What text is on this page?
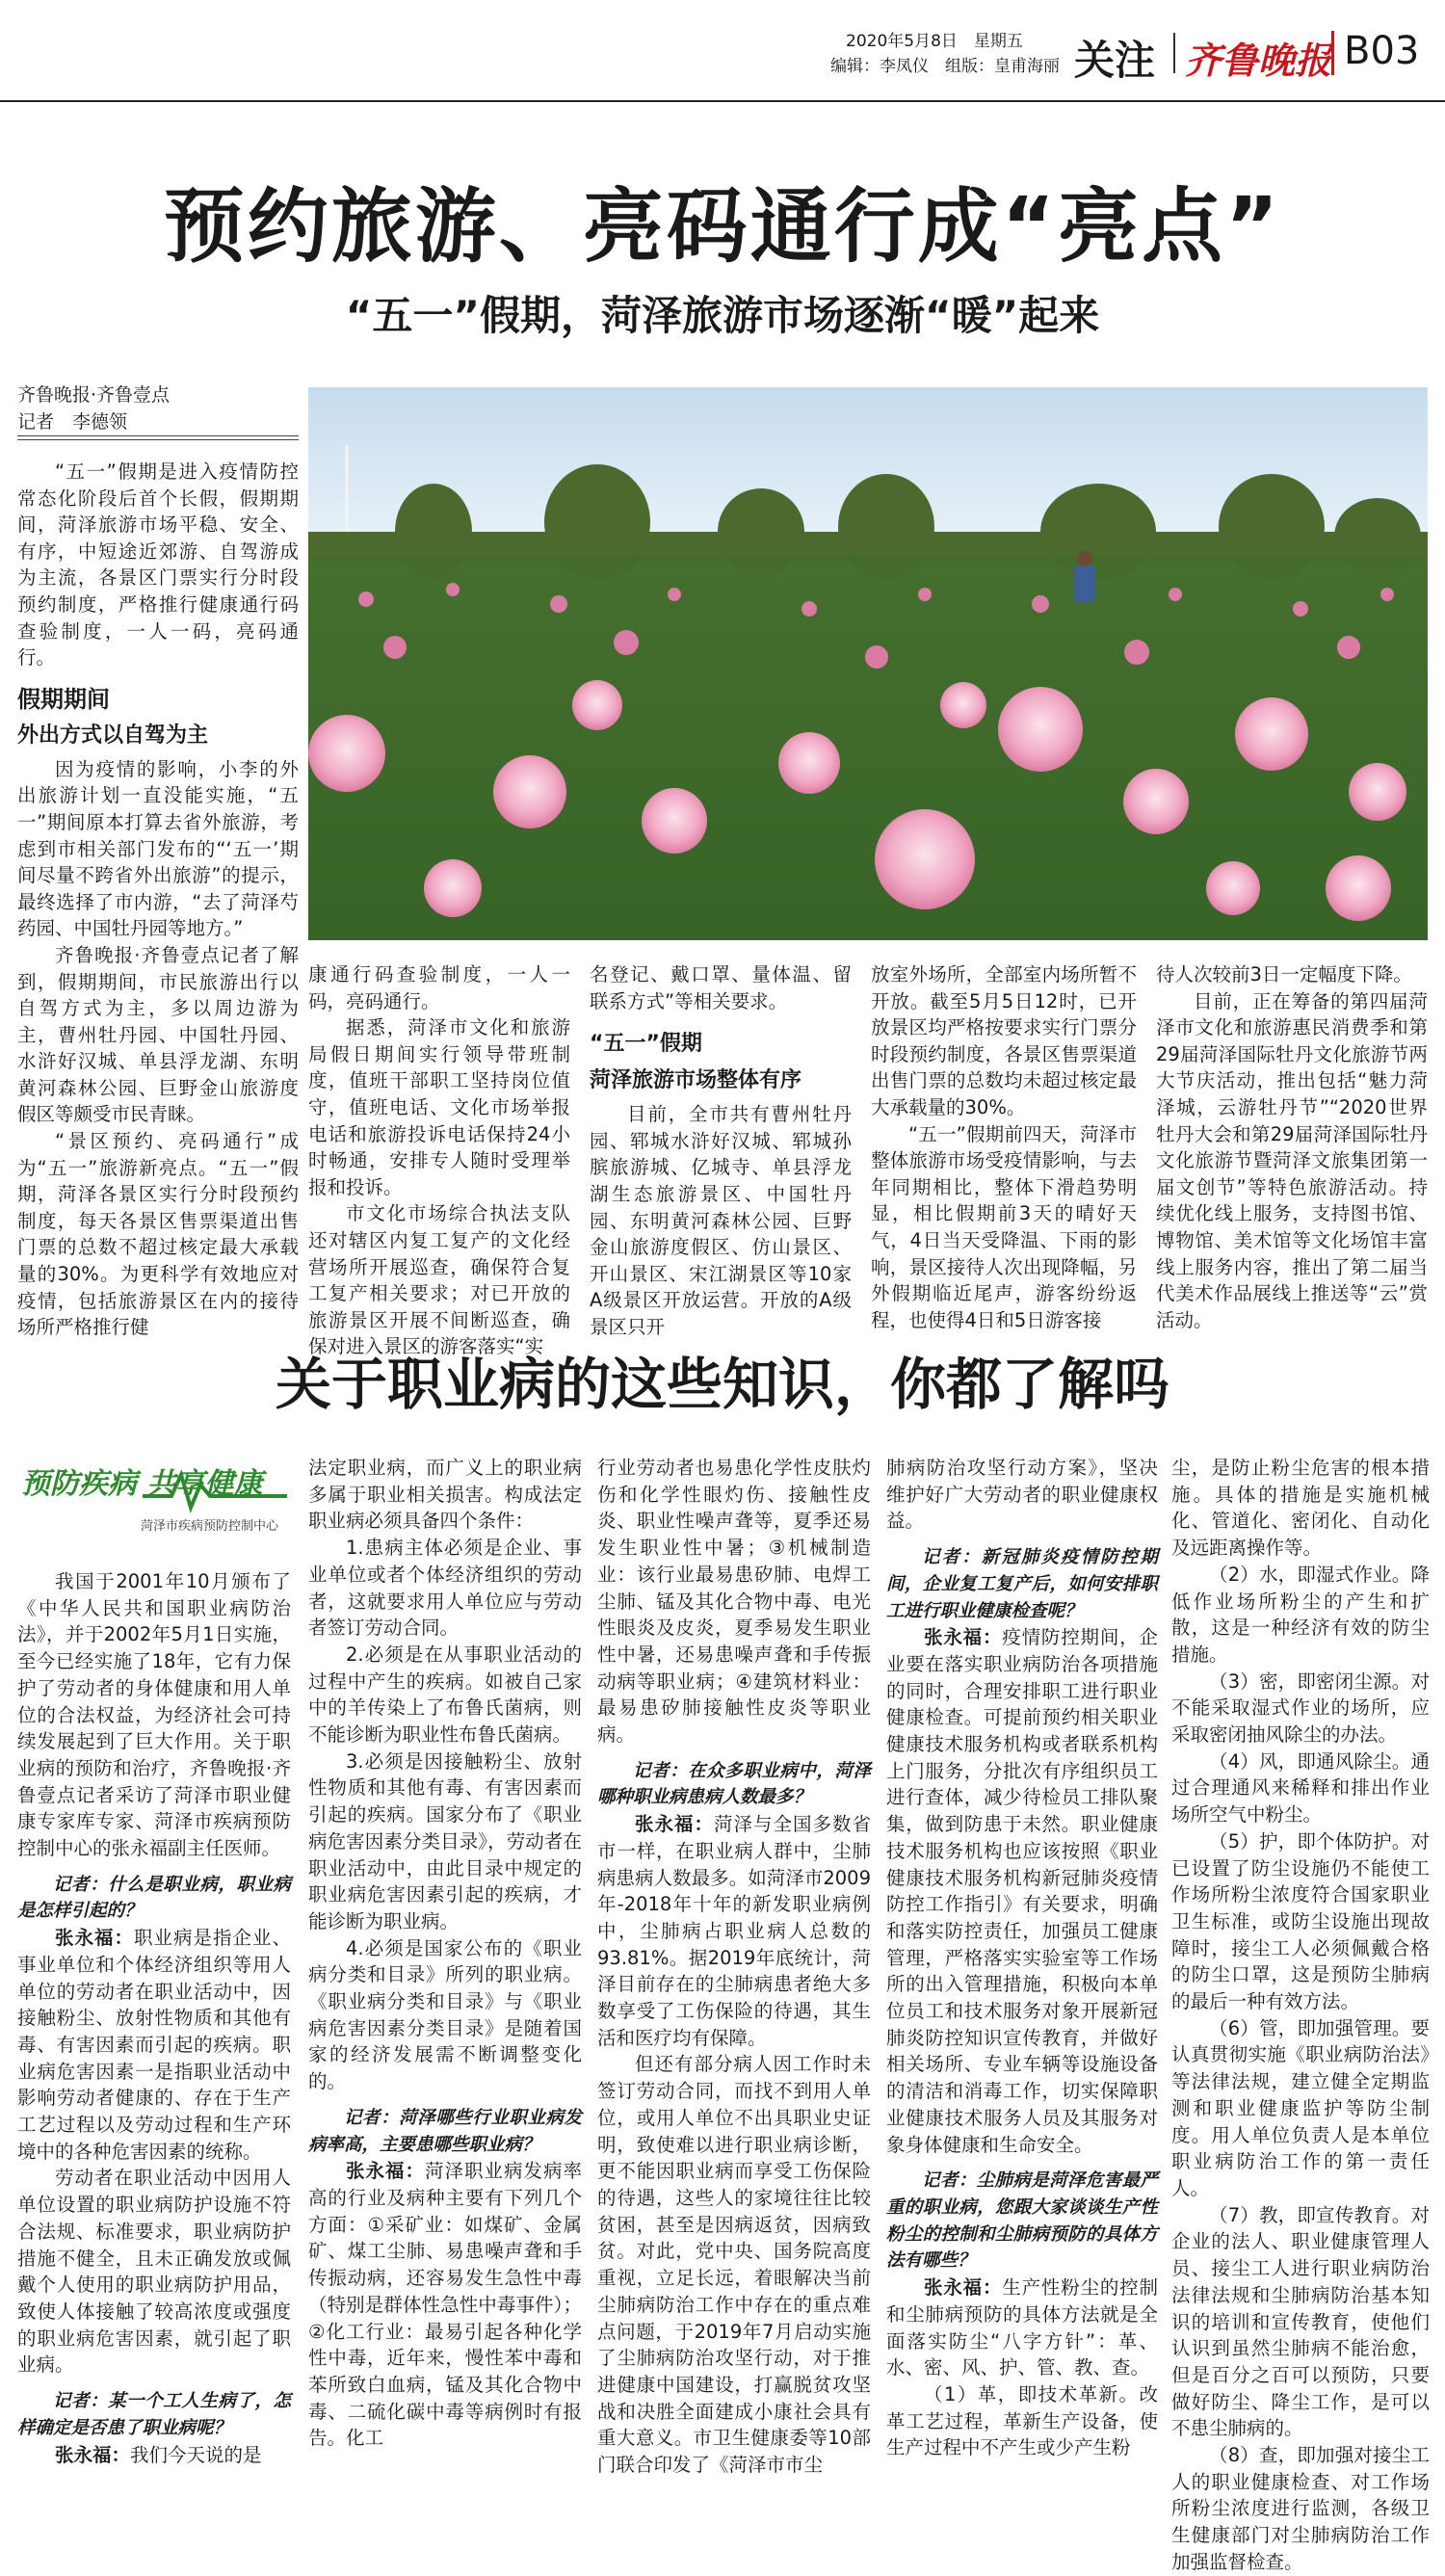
2020年5月8日　星期五
编辑：李凤仪　组版：皇甫海丽 关注 齐鲁晚报 B03
预约旅游、亮码通行成“亮点”
“五一”假期，菏泽旅游市场逐渐“暖”起来
齐鲁晚报·齐鲁壹点
记者　李德领

“五一”假期是进入疫情防控常态化阶段后首个长假，假期期间，菏泽旅游市场平稳、安全、有序，中短途近郊游、自驾游成为主流，各景区门票实行分时段预约制度，严格推行健康通行码查验制度，一人一码，亮码通行。

假期期间
外出方式以自驾为主

因为疫情的影响，小李的外出旅游计划一直没能实施，“五一”期间原本打算去省外旅游，考虑到市相关部门发布的“‘五一’期间尽量不跨省外出旅游”的提示，最终选择了市内游，“去了菏泽芍药园、中国牡丹园等地方。”

齐鲁晚报·齐鲁壹点记者了解到，假期期间，市民旅游出行以自驾方式为主，多以周边游为主，曹州牡丹园、中国牡丹园、水浒好汉城、单县浮龙湖、东明黄河森林公园、巨野金山旅游度假区等颇受市民青睐。

“景区预约、亮码通行”成为“五一”旅游新亮点。“五一”假期，菏泽各景区实行分时段预约制度，每天各景区售票渠道出售门票的总数不超过核定最大承载量的30%。为更科学有效地应对疫情，包括旅游景区在内的接待场所严格推行健

康通行码查验制度，一人一码，亮码通行。

据悉，菏泽市文化和旅游局假日期间实行领导带班制度，值班干部职工坚持岗位值守，值班电话、文化市场举报电话和旅游投诉电话保持24小时畅通，安排专人随时受理举报和投诉。

市文化市场综合执法支队还对辖区内复工复产的文化经营场所开展巡查，确保符合复工复产相关要求；对已开放的旅游景区开展不间断巡查，确保对进入景区的游客落实“实

名登记、戴口罩、量体温、留联系方式”等相关要求。

“五一”假期
菏泽旅游市场整体有序

目前，全市共有曹州牡丹园、郓城水浒好汉城、郓城孙膑旅游城、亿城寺、单县浮龙湖生态旅游景区、中国牡丹园、东明黄河森林公园、巨野金山旅游度假区、仿山景区、开山景区、宋江湖景区等10家A级景区开放运营。开放的A级景区只开

放室外场所，全部室内场所暂不开放。截至5月5日12时，已开放景区均严格按要求实行门票分时段预约制度，各景区售票渠道出售门票的总数均未超过核定最大承载量的30%。

“五一”假期前四天，菏泽市整体旅游市场受疫情影响，与去年同期相比，整体下滑趋势明显，相比假期前3天的晴好天气，4日当天受降温、下雨的影响，景区接待人次出现降幅，另外假期临近尾声，游客纷纷返程，也使得4日和5日游客接

待人次较前3日一定幅度下降。

目前，正在筹备的第四届菏泽市文化和旅游惠民消费季和第29届菏泽国际牡丹文化旅游节两大节庆活动，推出包括“魅力菏泽城，云游牡丹节”“2020世界牡丹大会和第29届菏泽国际牡丹文化旅游节暨菏泽文旅集团第一届文创节”等特色旅游活动。持续优化线上服务，支持图书馆、博物馆、美术馆等文化场馆丰富线上服务内容，推出了第二届当代美术作品展线上推送等“云”赏活动。

关于职业病的这些知识，你都了解吗
预防疾病 共享健康
菏泽市疾病预防控制中心

我国于2001年10月颁布了《中华人民共和国职业病防治法》，并于2002年5月1日实施，至今已经实施了18年，它有力保护了劳动者的身体健康和用人单位的合法权益，为经济社会可持续发展起到了巨大作用。关于职业病的预防和治疗，齐鲁晚报·齐鲁壹点记者采访了菏泽市职业健康专家库专家、菏泽市疾病预防控制中心的张永福副主任医师。

记者：什么是职业病，职业病是怎样引起的？

张永福：职业病是指企业、事业单位和个体经济组织等用人单位的劳动者在职业活动中，因接触粉尘、放射性物质和其他有毒、有害因素而引起的疾病。职业病危害因素一是指职业活动中影响劳动者健康的、存在于生产工艺过程以及劳动过程和生产环境中的各种危害因素的统称。

劳动者在职业活动中因用人单位设置的职业病防护设施不符合法规、标准要求，职业病防护措施不健全，且未正确发放或佩戴个人使用的职业病防护用品，致使人体接触了较高浓度或强度的职业病危害因素，就引起了职业病。

记者：某一个工人生病了，怎样确定是否患了职业病呢？

张永福：我们今天说的是

法定职业病，而广义上的职业病多属于职业相关损害。构成法定职业病必须具备四个条件：

1.患病主体必须是企业、事业单位或者个体经济组织的劳动者，这就要求用人单位应与劳动者签订劳动合同。

2.必须是在从事职业活动的过程中产生的疾病。如被自己家中的羊传染上了布鲁氏菌病，则不能诊断为职业性布鲁氏菌病。

3.必须是因接触粉尘、放射性物质和其他有毒、有害因素而引起的疾病。国家分布了《职业病危害因素分类目录》，劳动者在职业活动中，由此目录中规定的职业病危害因素引起的疾病，才能诊断为职业病。

4.必须是国家公布的《职业病分类和目录》所列的职业病。《职业病分类和目录》与《职业病危害因素分类目录》是随着国家的经济发展需不断调整变化的。

记者：菏泽哪些行业职业病发病率高，主要患哪些职业病？

张永福：菏泽职业病发病率高的行业及病种主要有下列几个方面：①采矿业：如煤矿、金属矿、煤工尘肺、易患噪声聋和手传振动病，还容易发生急性中毒（特别是群体性急性中毒事件）；②化工行业：最易引起各种化学性中毒，近年来，慢性苯中毒和苯所致白血病，锰及其化合物中毒、二硫化碳中毒等病例时有报告。化工

行业劳动者也易患化学性皮肤灼伤和化学性眼灼伤、接触性皮炎、职业性噪声聋等，夏季还易发生职业性中暑；③机械制造业：该行业最易患矽肺、电焊工尘肺、锰及其化合物中毒、电光性眼炎及皮炎，夏季易发生职业性中暑，还易患噪声聋和手传振动病等职业病；④建筑材料业：最易患矽肺接触性皮炎等职业病。

记者：在众多职业病中，菏泽哪种职业病患病人数最多？

张永福：菏泽与全国多数省市一样，在职业病人群中，尘肺病患病人数最多。如菏泽市2009年-2018年十年的新发职业病例中，尘肺病占职业病人总数的93.81%。据2019年底统计，菏泽目前存在的尘肺病患者绝大多数享受了工伤保险的待遇，其生活和医疗均有保障。

但还有部分病人因工作时未签订劳动合同，而找不到用人单位，或用人单位不出具职业史证明，致使难以进行职业病诊断，更不能因职业病而享受工伤保险的待遇，这些人的家境往往比较贫困，甚至是因病返贫，因病致贫。对此，党中央、国务院高度重视，立足长远，着眼解决当前尘肺病防治工作中存在的重点难点问题，于2019年7月启动实施了尘肺病防治攻坚行动，对于推进健康中国建设，打赢脱贫攻坚战和决胜全面建成小康社会具有重大意义。市卫生健康委等10部门联合印发了《菏泽市市尘

肺病防治攻坚行动方案》，坚决维护好广大劳动者的职业健康权益。

记者：新冠肺炎疫情防控期间，企业复工复产后，如何安排职工进行职业健康检查呢？

张永福：疫情防控期间，企业要在落实职业病防治各项措施的同时，合理安排职工进行职业健康检查。可提前预约相关职业健康技术服务机构或者联系机构上门服务，分批次有序组织员工进行查体，减少待检员工排队聚集，做到防患于未然。职业健康技术服务机构也应该按照《职业健康技术服务机构新冠肺炎疫情防控工作指引》有关要求，明确和落实防控责任，加强员工健康管理，严格落实实验室等工作场所的出入管理措施，积极向本单位员工和技术服务对象开展新冠肺炎防控知识宣传教育，并做好相关场所、专业车辆等设施设备的清洁和消毒工作，切实保障职业健康技术服务人员及其服务对象身体健康和生命安全。

记者：尘肺病是菏泽危害最严重的职业病，您跟大家谈谈生产性粉尘的控制和尘肺病预防的具体方法有哪些？

张永福：生产性粉尘的控制和尘肺病预防的具体方法就是全面落实防尘“八字方针”：革、水、密、风、护、管、教、查。

（1）革，即技术革新。改革工艺过程，革新生产设备，使生产过程中不产生或少产生粉

尘，是防止粉尘危害的根本措施。具体的措施是实施机械化、管道化、密闭化、自动化及远距离操作等。

（2）水，即湿式作业。降低作业场所粉尘的产生和扩散，这是一种经济有效的防尘措施。

（3）密，即密闭尘源。对不能采取湿式作业的场所，应采取密闭抽风除尘的办法。

（4）风，即通风除尘。通过合理通风来稀释和排出作业场所空气中粉尘。

（5）护，即个体防护。对已设置了防尘设施仍不能使工作场所粉尘浓度符合国家职业卫生标准，或防尘设施出现故障时，接尘工人必须佩戴合格的防尘口罩，这是预防尘肺病的最后一种有效方法。

（6）管，即加强管理。要认真贯彻实施《职业病防治法》等法律法规，建立健全定期监测和职业健康监护等防尘制度。用人单位负责人是本单位职业病防治工作的第一责任人。

（7）教，即宣传教育。对企业的法人、职业健康管理人员、接尘工人进行职业病防治法律法规和尘肺病防治基本知识的培训和宣传教育，使他们认识到虽然尘肺病不能治愈，但是百分之百可以预防，只要做好防尘、降尘工作，是可以不患尘肺病的。

（8）查，即加强对接尘工人的职业健康检查、对工作场所粉尘浓度进行监测，各级卫生健康部门对尘肺病防治工作加强监督检查。
